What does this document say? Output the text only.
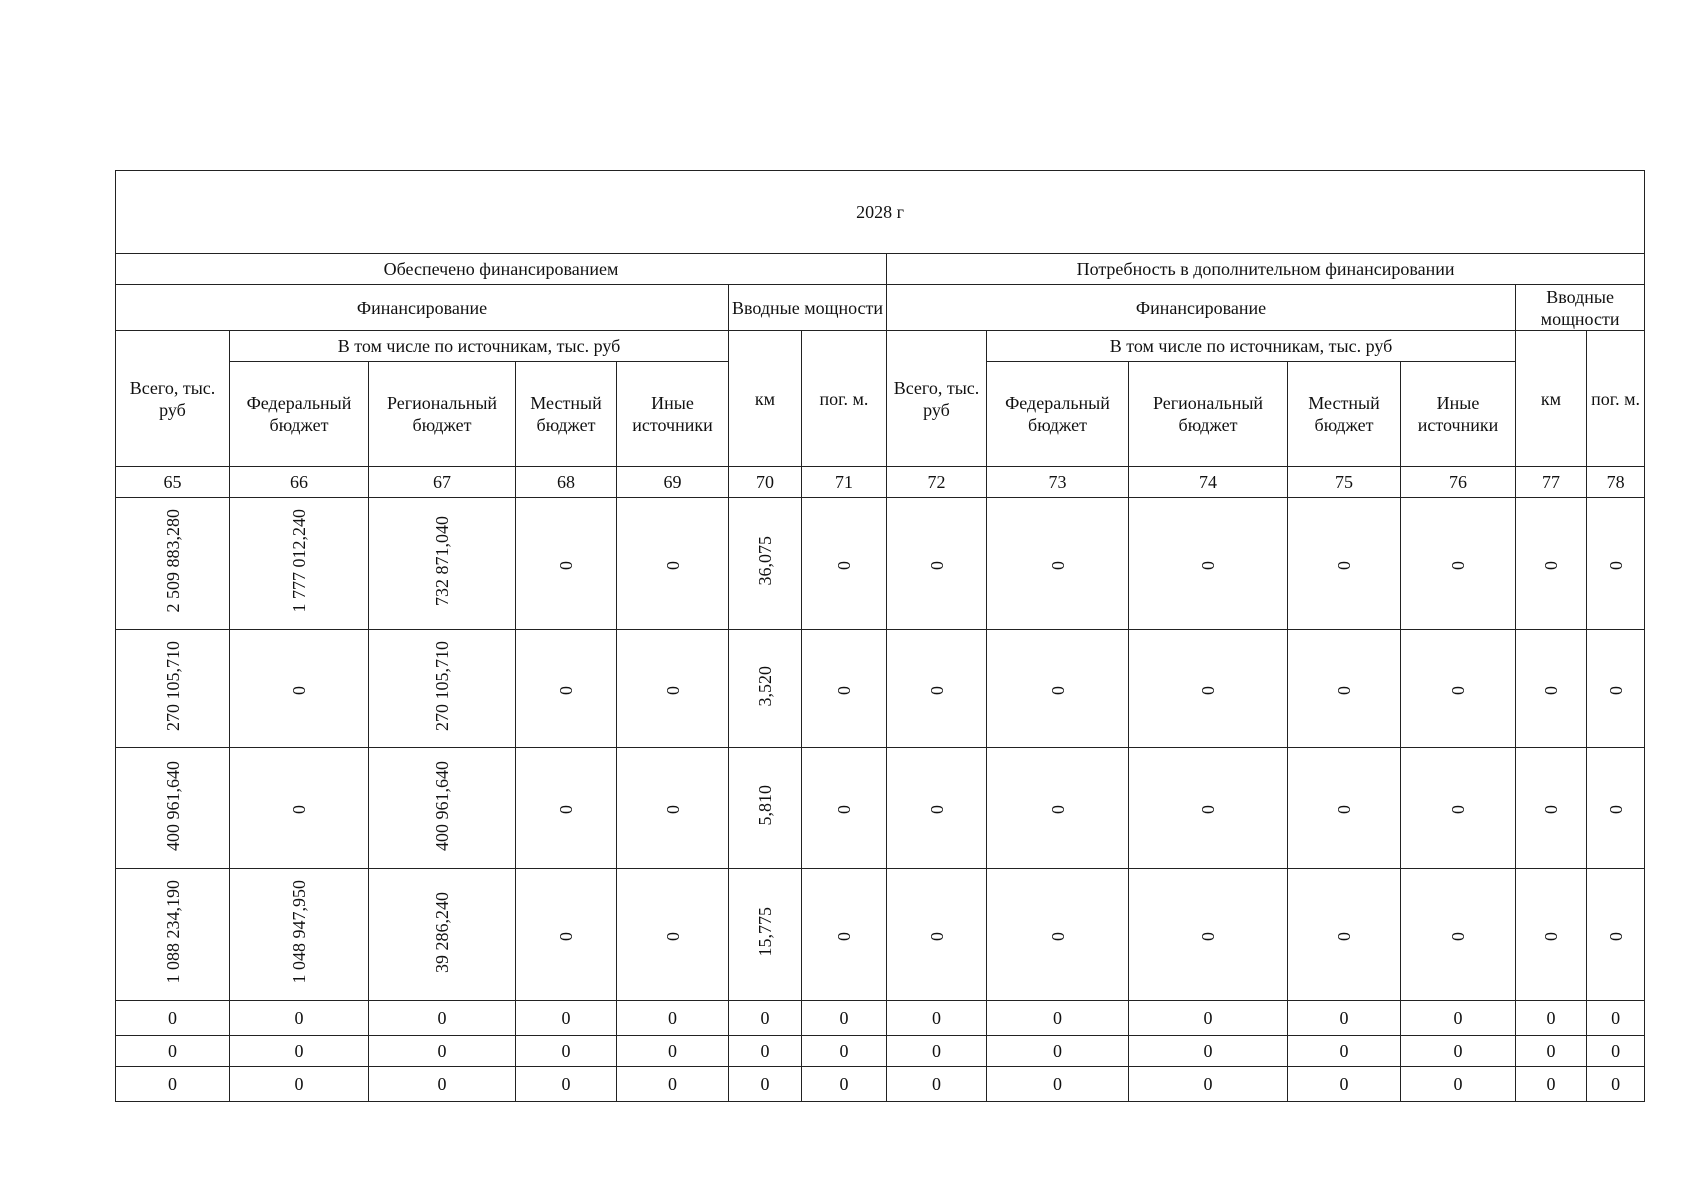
2028 г													
Обеспечено финансированием							Потребность в дополнительном финансировании						
Финансирование					Вводные мощности		Финансирование					Вводные мощности	
Всего, тыс. руб	В том числе по источникам, тыс. руб				км	пог. м.	Всего, тыс. руб	В том числе по источникам, тыс. руб				км	пог. м.
	Федеральный бюджет	Региональный бюджет	Местный бюджет	Иные источники				Федеральный бюджет	Региональный бюджет	Местный бюджет	Иные источники		
65	66	67	68	69	70	71	72	73	74	75	76	77	78
2 509 883,280	1 777 012,240	732 871,040	0	0	36,075	0	0	0	0	0	0	0	0
270 105,710	0	270 105,710	0	0	3,520	0	0	0	0	0	0	0	0
400 961,640	0	400 961,640	0	0	5,810	0	0	0	0	0	0	0	0
1 088 234,190	1 048 947,950	39 286,240	0	0	15,775	0	0	0	0	0	0	0	0
0	0	0	0	0	0	0	0	0	0	0	0	0	0
0	0	0	0	0	0	0	0	0	0	0	0	0	0
0	0	0	0	0	0	0	0	0	0	0	0	0	0
